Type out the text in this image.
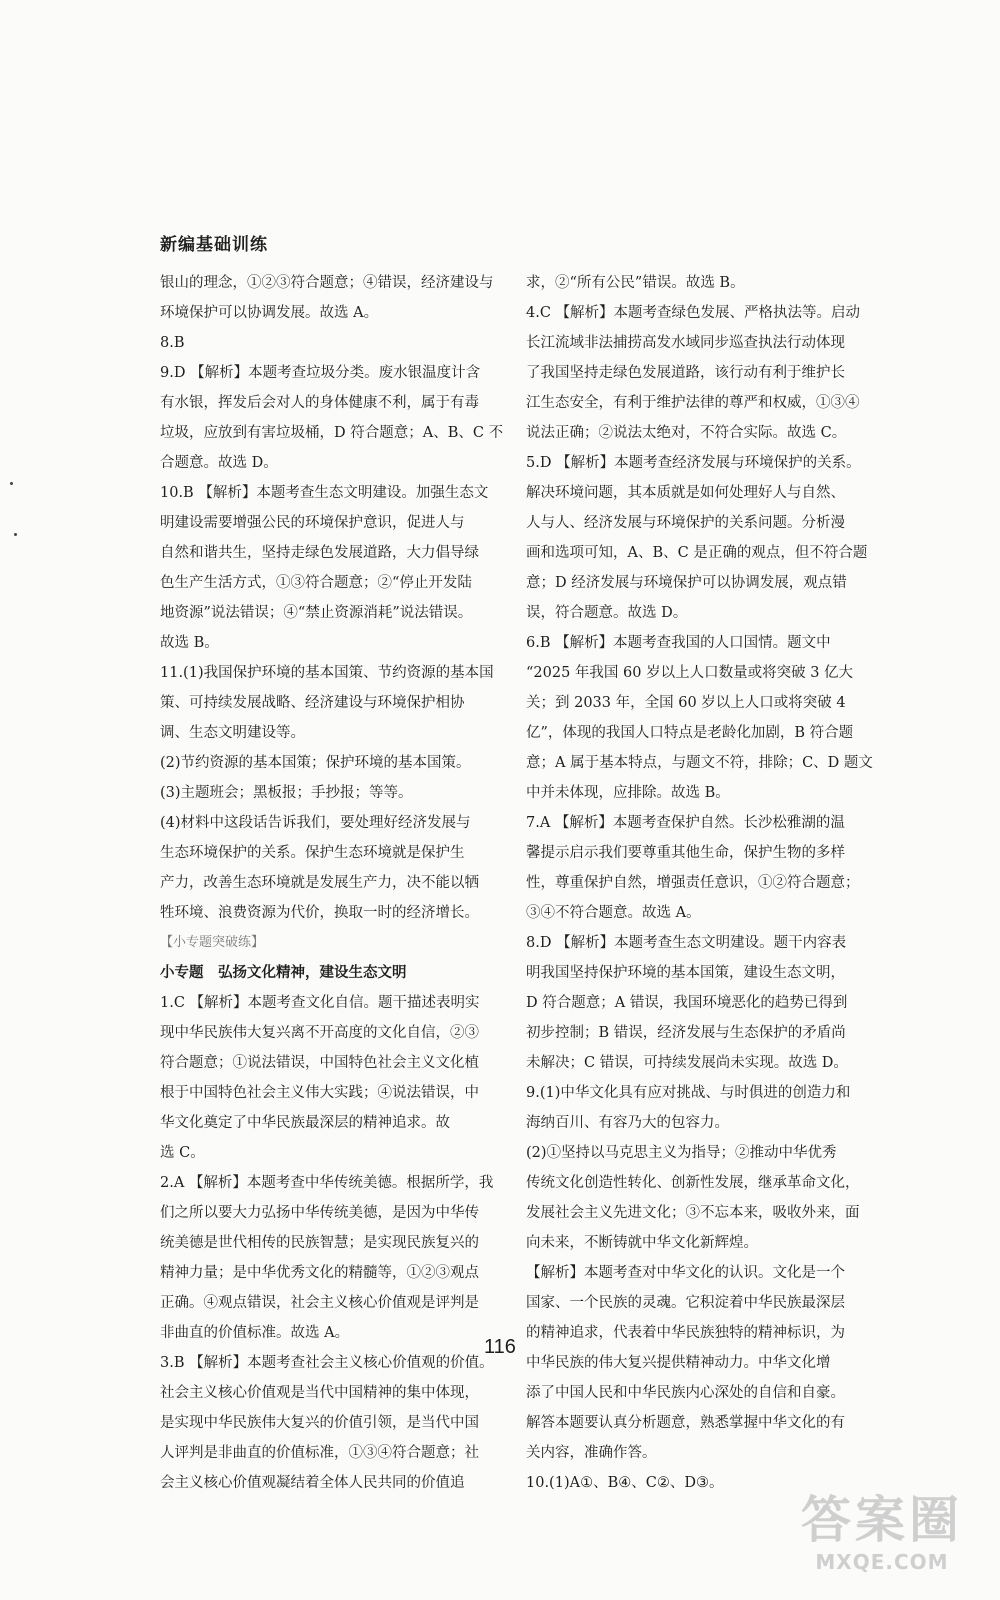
新编基础训练
银山的理念，①②③符合题意；④错误，经济建设与
环境保护可以协调发展。故选 A。
8.B
9.D 【解析】本题考查垃圾分类。废水银温度计含
有水银，挥发后会对人的身体健康不利，属于有毒
垃圾，应放到有害垃圾桶，D 符合题意；A、B、C 不
合题意。故选 D。
10.B 【解析】本题考查生态文明建设。加强生态文
明建设需要增强公民的环境保护意识，促进人与
自然和谐共生，坚持走绿色发展道路，大力倡导绿
色生产生活方式，①③符合题意；②“停止开发陆
地资源”说法错误；④“禁止资源消耗”说法错误。
故选 B。
11.(1)我国保护环境的基本国策、节约资源的基本国
策、可持续发展战略、经济建设与环境保护相协
调、生态文明建设等。
(2)节约资源的基本国策；保护环境的基本国策。
(3)主题班会；黑板报；手抄报；等等。
(4)材料中这段话告诉我们，要处理好经济发展与
生态环境保护的关系。保护生态环境就是保护生
产力，改善生态环境就是发展生产力，决不能以牺
牲环境、浪费资源为代价，换取一时的经济增长。
【小专题突破练】
小专题　弘扬文化精神，建设生态文明
1.C 【解析】本题考查文化自信。题干描述表明实
现中华民族伟大复兴离不开高度的文化自信，②③
符合题意；①说法错误，中国特色社会主义文化植
根于中国特色社会主义伟大实践；④说法错误，中
华文化奠定了中华民族最深层的精神追求。故
选 C。
2.A 【解析】本题考查中华传统美德。根据所学，我
们之所以要大力弘扬中华传统美德，是因为中华传
统美德是世代相传的民族智慧；是实现民族复兴的
精神力量；是中华优秀文化的精髓等，①②③观点
正确。④观点错误，社会主义核心价值观是评判是
非曲直的价值标准。故选 A。
3.B 【解析】本题考查社会主义核心价值观的价值。
社会主义核心价值观是当代中国精神的集中体现，
是实现中华民族伟大复兴的价值引领，是当代中国
人评判是非曲直的价值标准，①③④符合题意；社
会主义核心价值观凝结着全体人民共同的价值追
求，②“所有公民”错误。故选 B。
4.C 【解析】本题考查绿色发展、严格执法等。启动
长江流域非法捕捞高发水域同步巡查执法行动体现
了我国坚持走绿色发展道路，该行动有利于维护长
江生态安全，有利于维护法律的尊严和权威，①③④
说法正确；②说法太绝对，不符合实际。故选 C。
5.D 【解析】本题考查经济发展与环境保护的关系。
解决环境问题，其本质就是如何处理好人与自然、
人与人、经济发展与环境保护的关系问题。分析漫
画和选项可知，A、B、C 是正确的观点，但不符合题
意；D 经济发展与环境保护可以协调发展，观点错
误，符合题意。故选 D。
6.B 【解析】本题考查我国的人口国情。题文中
“2025 年我国 60 岁以上人口数量或将突破 3 亿大
关；到 2033 年，全国 60 岁以上人口或将突破 4
亿”，体现的我国人口特点是老龄化加剧，B 符合题
意；A 属于基本特点，与题文不符，排除；C、D 题文
中并未体现，应排除。故选 B。
7.A 【解析】本题考查保护自然。长沙松雅湖的温
馨提示启示我们要尊重其他生命，保护生物的多样
性，尊重保护自然，增强责任意识，①②符合题意；
③④不符合题意。故选 A。
8.D 【解析】本题考查生态文明建设。题干内容表
明我国坚持保护环境的基本国策，建设生态文明，
D 符合题意；A 错误，我国环境恶化的趋势已得到
初步控制；B 错误，经济发展与生态保护的矛盾尚
未解决；C 错误，可持续发展尚未实现。故选 D。
9.(1)中华文化具有应对挑战、与时俱进的创造力和
海纳百川、有容乃大的包容力。
(2)①坚持以马克思主义为指导；②推动中华优秀
传统文化创造性转化、创新性发展，继承革命文化，
发展社会主义先进文化；③不忘本来，吸收外来，面
向未来，不断铸就中华文化新辉煌。
【解析】本题考查对中华文化的认识。文化是一个
国家、一个民族的灵魂。它积淀着中华民族最深层
的精神追求，代表着中华民族独特的精神标识，为
中华民族的伟大复兴提供精神动力。中华文化增
添了中国人民和中华民族内心深处的自信和自豪。
解答本题要认真分析题意，熟悉掌握中华文化的有
关内容，准确作答。
10.(1)A①、B④、C②、D③。
116
答案圈
MXQE.COM
